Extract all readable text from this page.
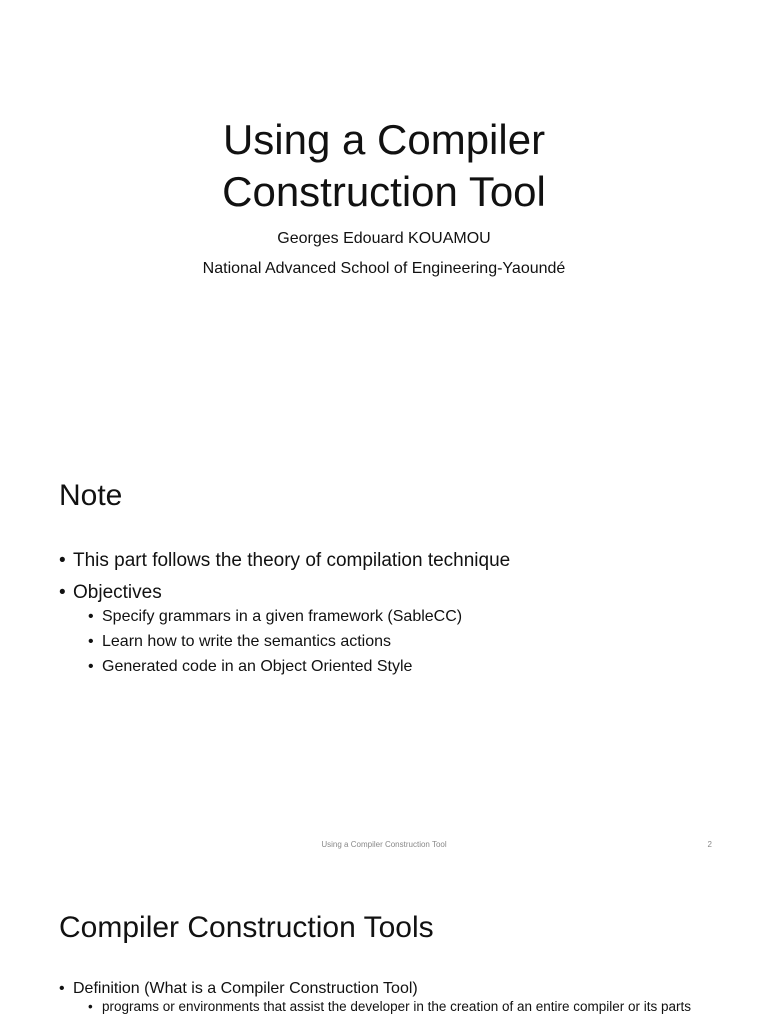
Using a Compiler
Construction Tool
Georges Edouard KOUAMOU
National Advanced School of Engineering-Yaoundé
Note
• This part follows the theory of compilation technique
• Objectives
• Specify grammars in a given framework (SableCC)
• Learn how to write the semantics actions
• Generated code in an Object Oriented Style
Using a Compiler Construction Tool	2
Compiler Construction Tools
• Definition (What is a Compiler Construction Tool)
• programs or environments that assist the developer in the creation of an entire compiler or its parts
